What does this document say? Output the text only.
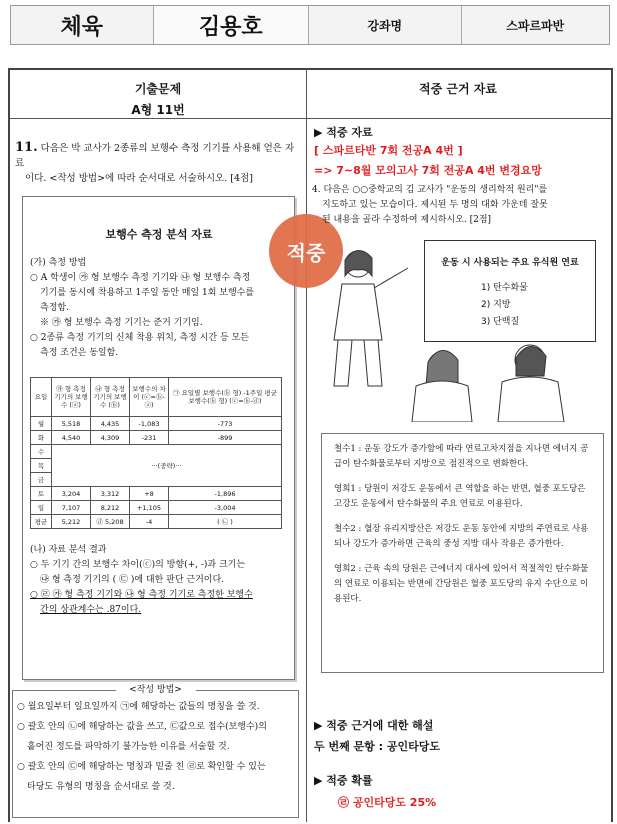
체육	김용호	강좌명	스파르파반
기출문제
A형 11번
적중 근거 자료
11. 다음은 박 교사가 2종류의 보행수 측정 기기를 사용해 얻은 자료
이다. <작성 방법>에 따라 순서대로 서술하시오. [4점]
보행수 측정 분석 자료

(가) 측정 방법

○ A 학생이 ㉮ 형 보행수 측정 기기와 ㉯ 형 보행수 측정

기기를 동시에 착용하고 1주일 동안 매일 1회 보행수를

측정함.

※ ㉮ 형 보행수 측정 기기는 준거 기기임.

○ 2종류 측정 기기의 신체 착용 위치, 측정 시간 등 모든

측정 조건은 동일함.

요일	㉮ 형 측정 기기의 보행수 (ⓐ)	㉯ 형 측정 기기의 보행수 (ⓑ)	보행수의 차이 (ⓒ=ⓑ-ⓐ)	㉠ 요일별 보행수(ⓑ 형) -1주일 평균 보행수(ⓑ 형) (ⓒ=ⓑ-ⓓ)
월	5,518	4,435	-1,083	-773
화	4,540	4,309	-231	-899
수	···(중략)···			
목				
금				
토	3,204	3,312	+8	-1,896
일	7,107	8,212	+1,105	-3,004
평균	5,212	ⓓ 5,208	-4	( ㉡ )

(나) 자료 분석 결과

○ 두 기기 간의 보행수 차이(ⓒ)의 방향(+, -)과 크기는

㉯ 형 측정 기기의 ( ㉢ )에 대한 판단 근거이다.

○ ㉣ ㉮ 형 측정 기기와 ㉯ 형 측정 기기로 측정한 보행수

간의 상관계수는 .87이다.

<작성 방법>
○ 월요일부터 일요일까지 ㉠에 해당하는 값들의 명칭을 쓸 것.
○ 괄호 안의 ㉡에 해당하는 값을 쓰고, ㉢값으로 접수(보행수)의
흩어진 정도를 파악하기 불가능한 이유를 서술할 것.
○ 괄호 안의 ㉢에 해당하는 명칭과 밑줄 친 ㉣로 확인할 수 있는
타당도 유형의 명칭을 순서대로 쓸 것.
적중
▶ 적중 자료
[ 스파르타반 7회 전공A 4번 ]
=> 7~8월 모의고사 7회 전공A 4번 변경요망
4. 다음은 ○○중학교의 김 교사가 "운동의 생리학적 원리"를
지도하고 있는 모습이다. 제시된 두 명의 대화 가운데 잘못
된 내용을 골라 수정하여 제시하시오. [2점]
운동 시 사용되는 주요 유식원 연료
1) 탄수화물
2) 지방
3) 단백질

철수1 : 운동 강도가 증가함에 따라 연료고차지점을 지나면 에너지 공급이 탄수화물로부터 지방으로 점진적으로 변화한다.

영희1 : 당원이 저강도 운동에서 큰 역할을 하는 반면, 혈중 포도당은 고강도 운동에서 탄수화물의 주요 연료로 이용된다.

철수2 : 혈장 유리지방산은 저강도 운동 동안에 지방의 주연료로 사용되나 강도가 증가하면 근육의 중성 지방 대사 작용은 증가한다.

영희2 : 근육 속의 당원은 근에너지 대사에 있어서 적절적인 탄수화물의 연료로 이용되는 반면에 간당원은 혈중 포도당의 유지 수단으로 이용된다.

▶ 적중 근거에 대한 해설
두 번째 문항 : 공인타당도
▶ 적중 확률
㉣ 공인타당도 25%
